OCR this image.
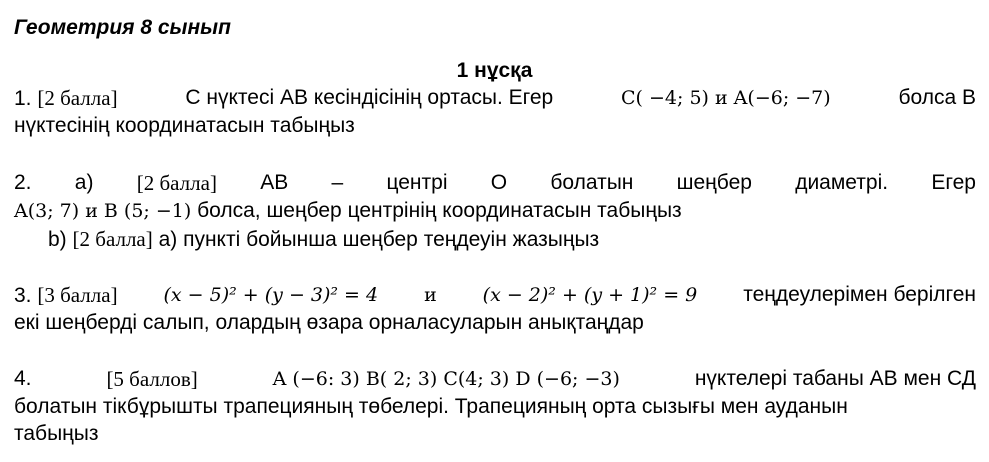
Геометрия 8 сынып
1 нұсқа
1. [2 балла]	С нүктесі АВ кесіндісінің ортасы. Егер	C( −4; 5) и A(−6; −7)	болса В
нүктесінің координатасын табыңыз
2. a) [2 балла] АВ – центрі О болатын шеңбер диаметрі. Егер
A(3; 7) и B (5; −1) болса, шеңбер центрінің координатасын табыңыз
b) [2 балла] а) пункті бойынша шеңбер теңдеуін жазыңыз
3. [3 балла] (x − 5)² + (y − 3)² = 4 и (x − 2)² + (y + 1)² = 9 теңдеулерімен берілген
екі шеңберді салып, олардың өзара орналасуларын анықтаңдар
4.	[5 баллов]	A (−6: 3) B( 2; 3) C(4; 3) D (−6; −3)	нүктелері табаны АВ мен СД
болатын тікбұрышты трапецияның төбелері. Трапецияның орта сызығы мен ауданын
табыңыз
